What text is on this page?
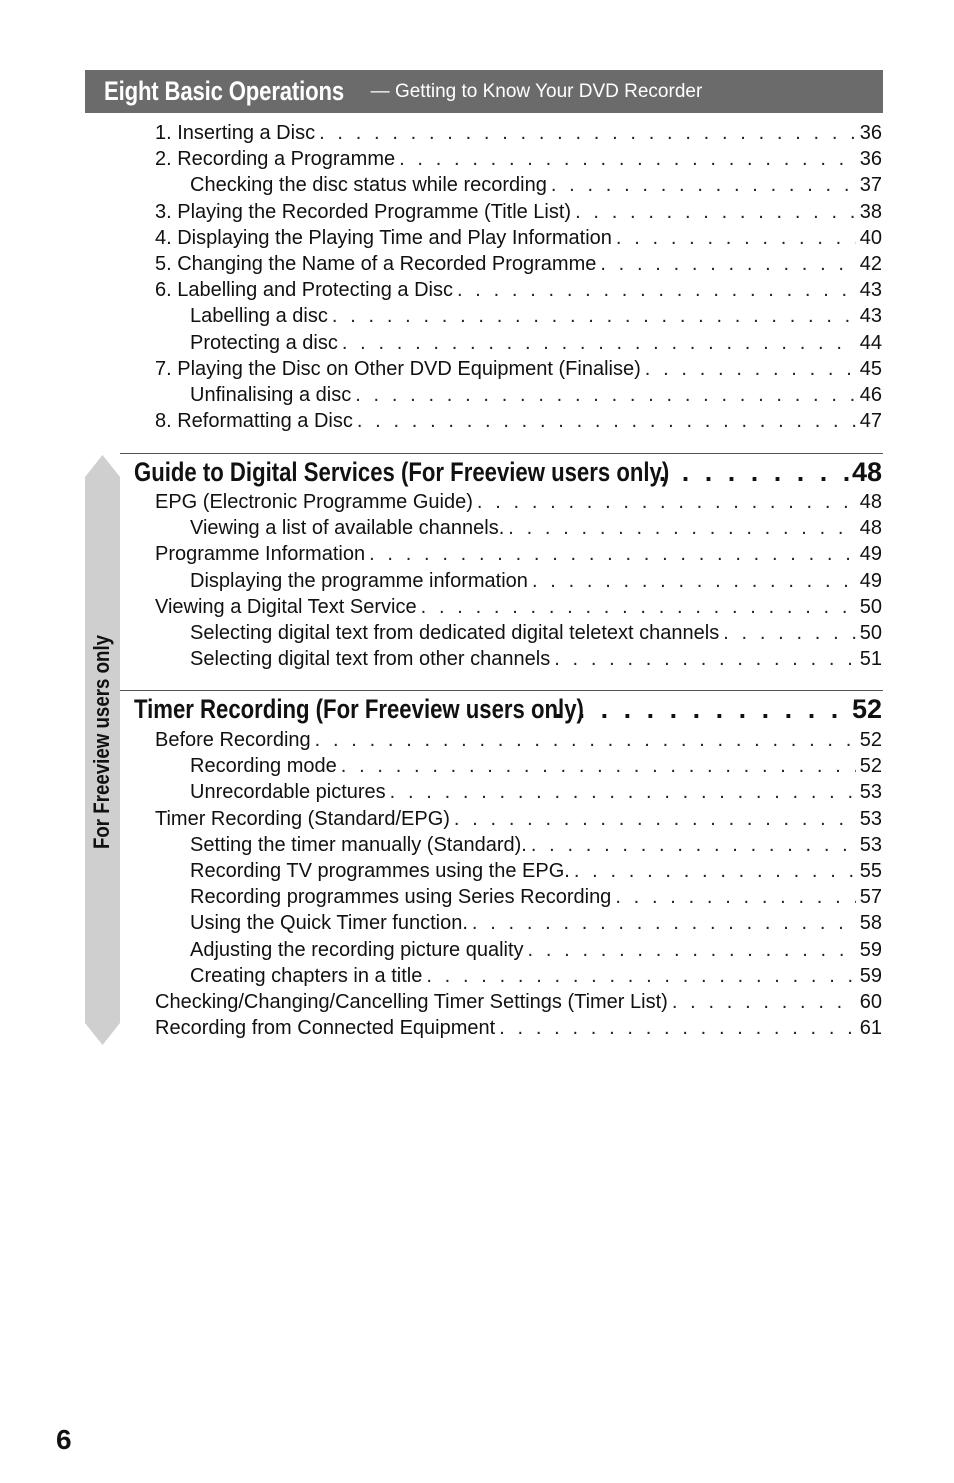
Eight Basic Operations — Getting to Know Your DVD Recorder
1. Inserting a Disc . . .	36
2. Recording a Programme . . .	36
Checking the disc status while recording . . .	37
3. Playing the Recorded Programme (Title List) . . .	38
4. Displaying the Playing Time and Play Information . . .	40
5. Changing the Name of a Recorded Programme . . .	42
6. Labelling and Protecting a Disc . . .	43
Labelling a disc . . .	43
Protecting a disc . . .	44
7. Playing the Disc on Other DVD Equipment (Finalise) . . .	45
Unfinalising a disc . . .	46
8. Reformatting a Disc . . .	47
Guide to Digital Services (For Freeview users only) . . .	48
EPG (Electronic Programme Guide) . . .	48
Viewing a list of available channels. . . .	48
Programme Information . . .	49
Displaying the programme information . . .	49
Viewing a Digital Text Service . . .	50
Selecting digital text from dedicated digital teletext channels . . .	50
Selecting digital text from other channels . . .	51
Timer Recording (For Freeview users only) . . .	52
Before Recording . . .	52
Recording mode . . .	52
Unrecordable pictures . . .	53
Timer Recording (Standard/EPG) . . .	53
Setting the timer manually (Standard). . . .	53
Recording TV programmes using the EPG. . . .	55
Recording programmes using Series Recording . . .	57
Using the Quick Timer function. . . .	58
Adjusting the recording picture quality . . .	59
Creating chapters in a title . . .	59
Checking/Changing/Cancelling Timer Settings (Timer List) . . .	60
Recording from Connected Equipment . . .	61
For Freeview users only
6
